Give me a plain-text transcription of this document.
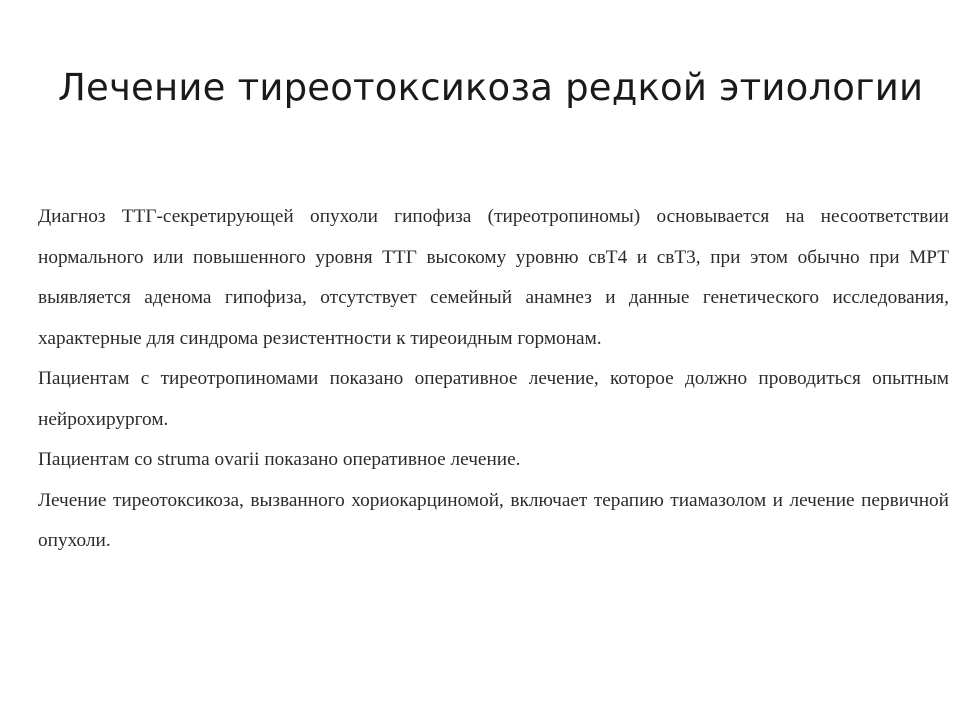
Лечение тиреотоксикоза редкой этиологии

Диагноз ТТГ-секретирующей опухоли гипофиза (тиреотропиномы) основывается на несоответствии нормального или повышенного уровня ТТГ высокому уровню свТ4 и свТ3, при этом обычно при МРТ выявляется аденома гипофиза, отсутствует семейный анамнез и данные генетического исследования, характерные для синдрома резистентности к тиреоидным гормонам.

Пациентам с тиреотропиномами показано оперативное лечение, которое должно проводиться опытным нейрохирургом.

Пациентам со struma ovarii показано оперативное лечение.

Лечение тиреотоксикоза, вызванного хориокарциномой, включает терапию тиамазолом и лечение первичной опухоли.
